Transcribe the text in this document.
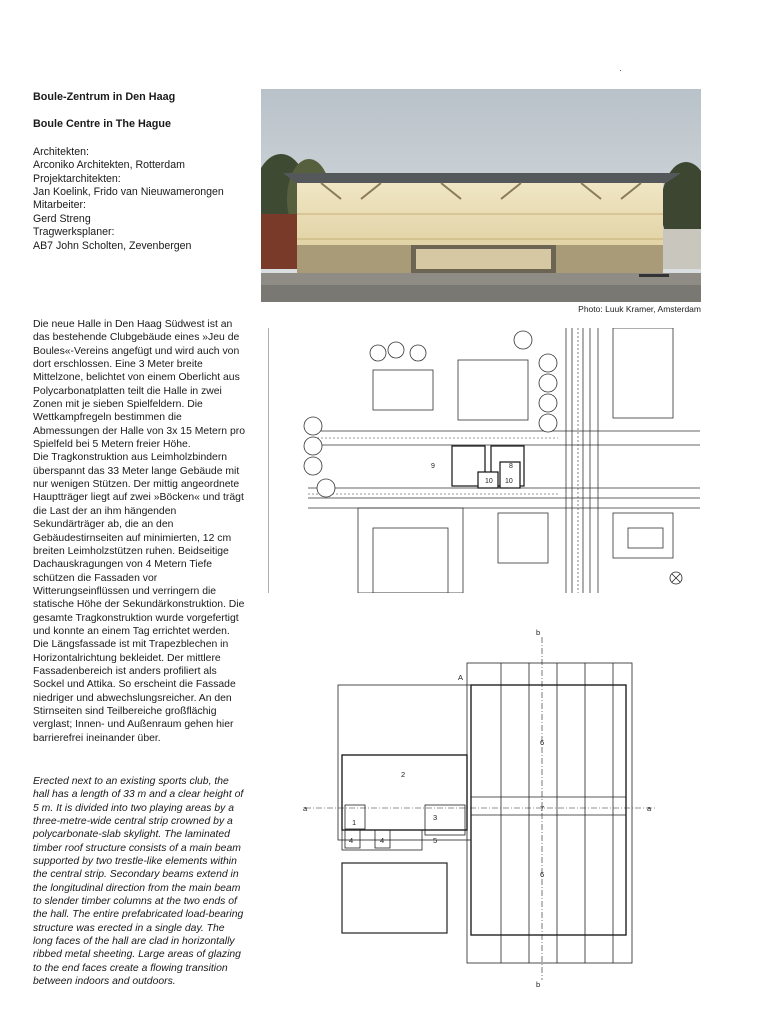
Boule-Zentrum in Den Haag

Boule Centre in The Hague

Architekten:
Arconiko Architekten, Rotterdam
Projektarchitekten:
Jan Koelink, Frido van Nieuwamerongen
Mitarbeiter:
Gerd Streng
Tragwerksplaner:
AB7 John Scholten, Zevenbergen

Die neue Halle in Den Haag Südwest ist an das bestehende Clubgebäude eines »Jeu de Boules«-Vereins angefügt und wird auch von dort erschlossen. Eine 3 Meter breite Mittelzone, belichtet von einem Oberlicht aus Polycarbonatplatten teilt die Halle in zwei Zonen mit je sieben Spielfeldern. Die Wettkampfregeln bestimmen die Abmessungen der Halle von 3x 15 Metern pro Spielfeld bei 5 Metern freier Höhe.

Die Tragkonstruktion aus Leimholzbindern überspannt das 33 Meter lange Gebäude mit nur wenigen Stützen. Der mittig angeordnete Hauptträger liegt auf zwei »Böcken« und trägt die Last der an ihm hängenden Sekundärträger ab, die an den Gebäudestirnseiten auf minimierten, 12 cm breiten Leimholzstützen ruhen. Beidseitige Dachauskragungen von 4 Metern Tiefe schützen die Fassaden vor Witterungseinflüssen und verringern die statische Höhe der Sekundärkonstruktion. Die gesamte Tragkonstruktion wurde vorgefertigt und konnte an einem Tag errichtet werden.

Die Längsfassade ist mit Trapezblechen in Horizontalrichtung bekleidet. Der mittlere Fassadenbereich ist anders profiliert als Sockel und Attika. So erscheint die Fassade niedriger und abwechslungsreicher. An den Stirnseiten sind Teilbereiche großflächig verglast; Innen- und Außenraum gehen hier barrierefrei ineinander über.

Erected next to an existing sports club, the hall has a length of 33 m and a clear height of 5 m. It is divided into two playing areas by a three-metre-wide central strip crowned by a polycarbonate-slab skylight. The laminated timber roof structure consists of a main beam supported by two trestle-like elements within the central strip. Secondary beams extend in the longitudinal direction from the main beam to slender timber columns at the two ends of the hall. The entire prefabricated load-bearing structure was erected in a single day. The long faces of the hall are clad in horizontally ribbed metal sheeting. Large areas of glazing to the end faces create a flowing transition between indoors and outdoors.
Photo: Luuk Kramer, Amsterdam
9	8
10 10
b
b
a	a
A
1
2
3
4	4	5
6
6
7
